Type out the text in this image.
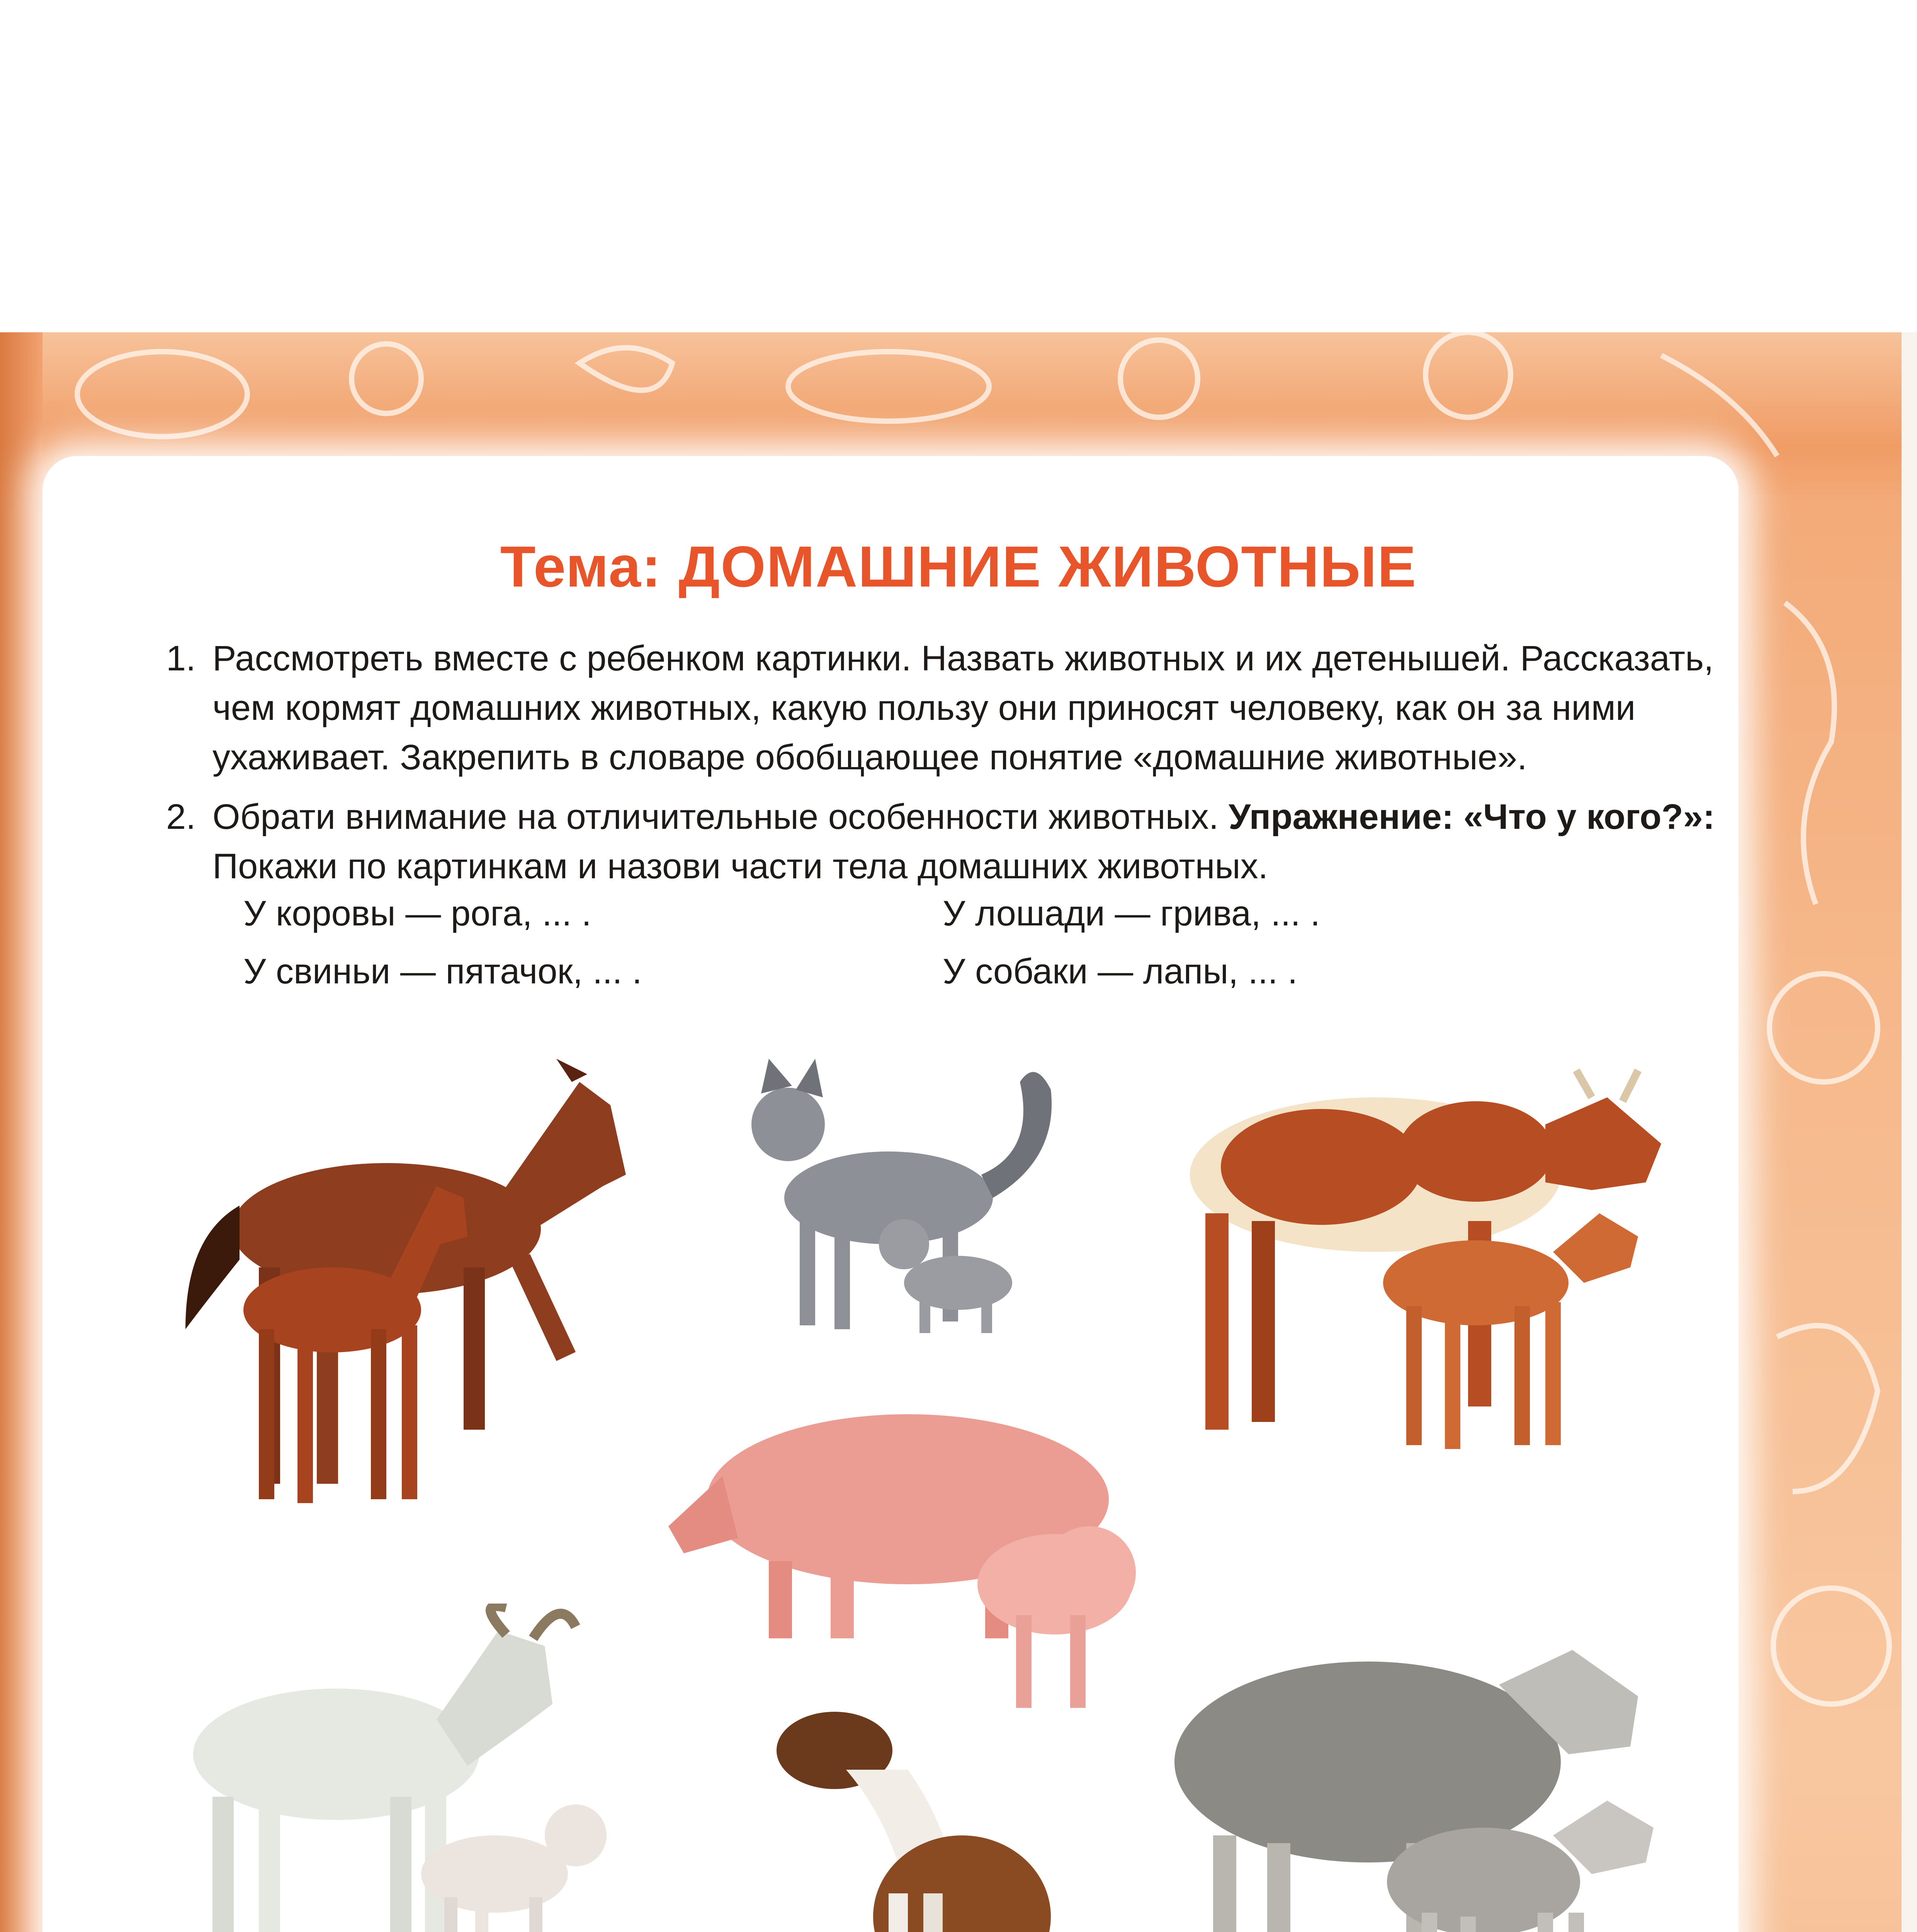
Тема: ДОМАШНИЕ ЖИВОТНЫЕ
1. Рассмотреть вместе с ребенком картинки. Назвать животных и их детенышей. Рассказать,
чем кормят домашних животных, какую пользу они приносят человеку, как он за ними
ухаживает. Закрепить в словаре обобщающее понятие «домашние животные».
2. Обрати внимание на отличительные особенности животных. Упражнение: «Что у кого?»:
Покажи по картинкам и назови части тела домашних животных.
У коровы — рога, ... .	У лошади — грива, ... .
У свиньи — пятачок, ... .	У собаки — лапы, ... .
